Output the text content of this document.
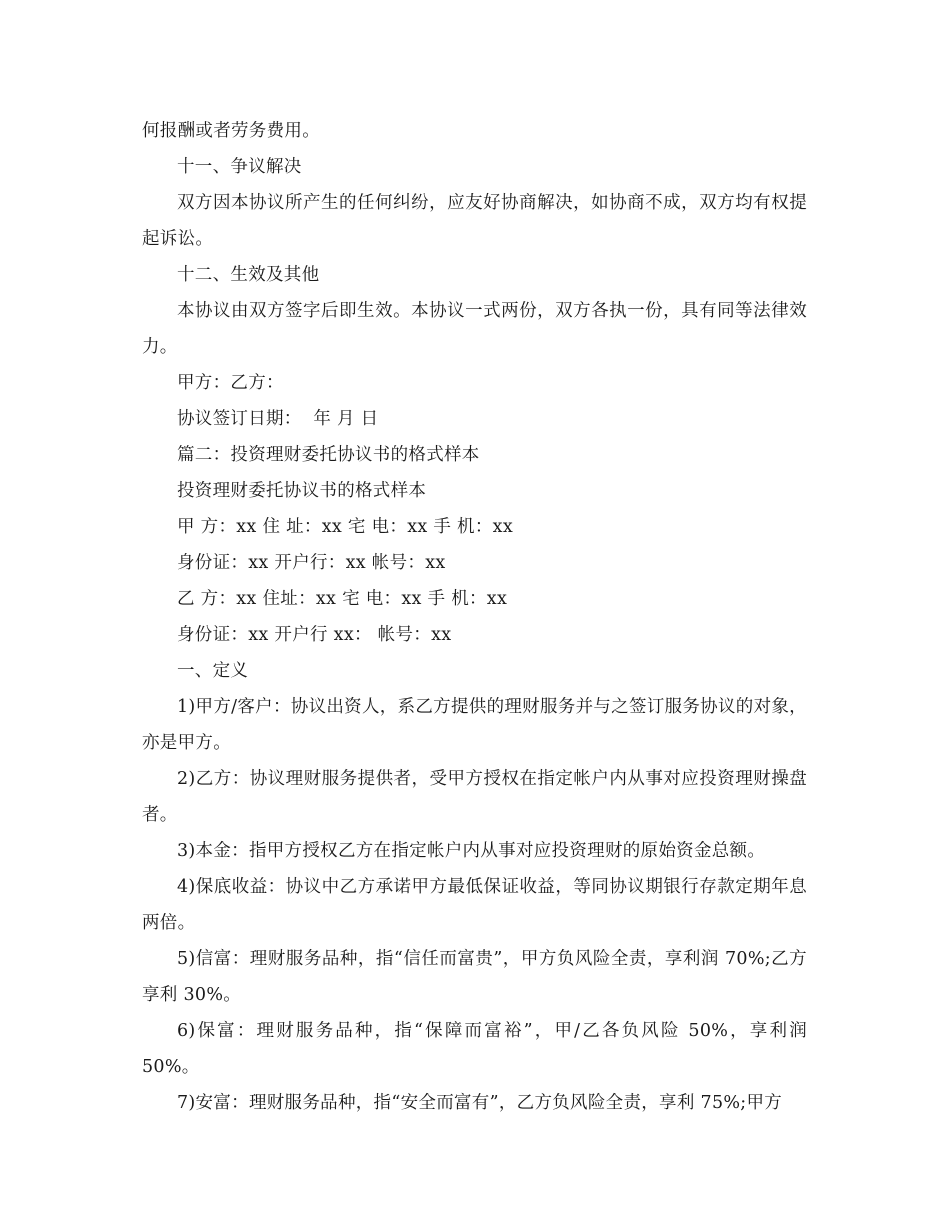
何报酬或者劳务费用。

十一、争议解决

双方因本协议所产生的任何纠纷，应友好协商解决，如协商不成，双方均有权提起诉讼。

十二、生效及其他

本协议由双方签字后即生效。本协议一式两份，双方各执一份，具有同等法律效力。

甲方：乙方：

协议签订日期：  年 月 日

篇二：投资理财委托协议书的格式样本

投资理财委托协议书的格式样本

甲 方：xx 住 址：xx 宅 电：xx 手 机：xx

身份证：xx 开户行：xx 帐号：xx

乙 方：xx 住址：xx 宅 电：xx 手 机：xx

身份证：xx 开户行 xx： 帐号：xx

一、定义

1)甲方/客户：协议出资人，系乙方提供的理财服务并与之签订服务协议的对象，亦是甲方。

2)乙方：协议理财服务提供者，受甲方授权在指定帐户内从事对应投资理财操盘者。

3)本金：指甲方授权乙方在指定帐户内从事对应投资理财的原始资金总额。

4)保底收益：协议中乙方承诺甲方最低保证收益，等同协议期银行存款定期年息两倍。

5)信富：理财服务品种，指“信任而富贵”，甲方负风险全责，享利润 70%;乙方享利 30%。

6)保富：理财服务品种，指“保障而富裕”，甲/乙各负风险 50%，享利润 50%。

7)安富：理财服务品种，指“安全而富有”，乙方负风险全责，享利 75%;甲方
